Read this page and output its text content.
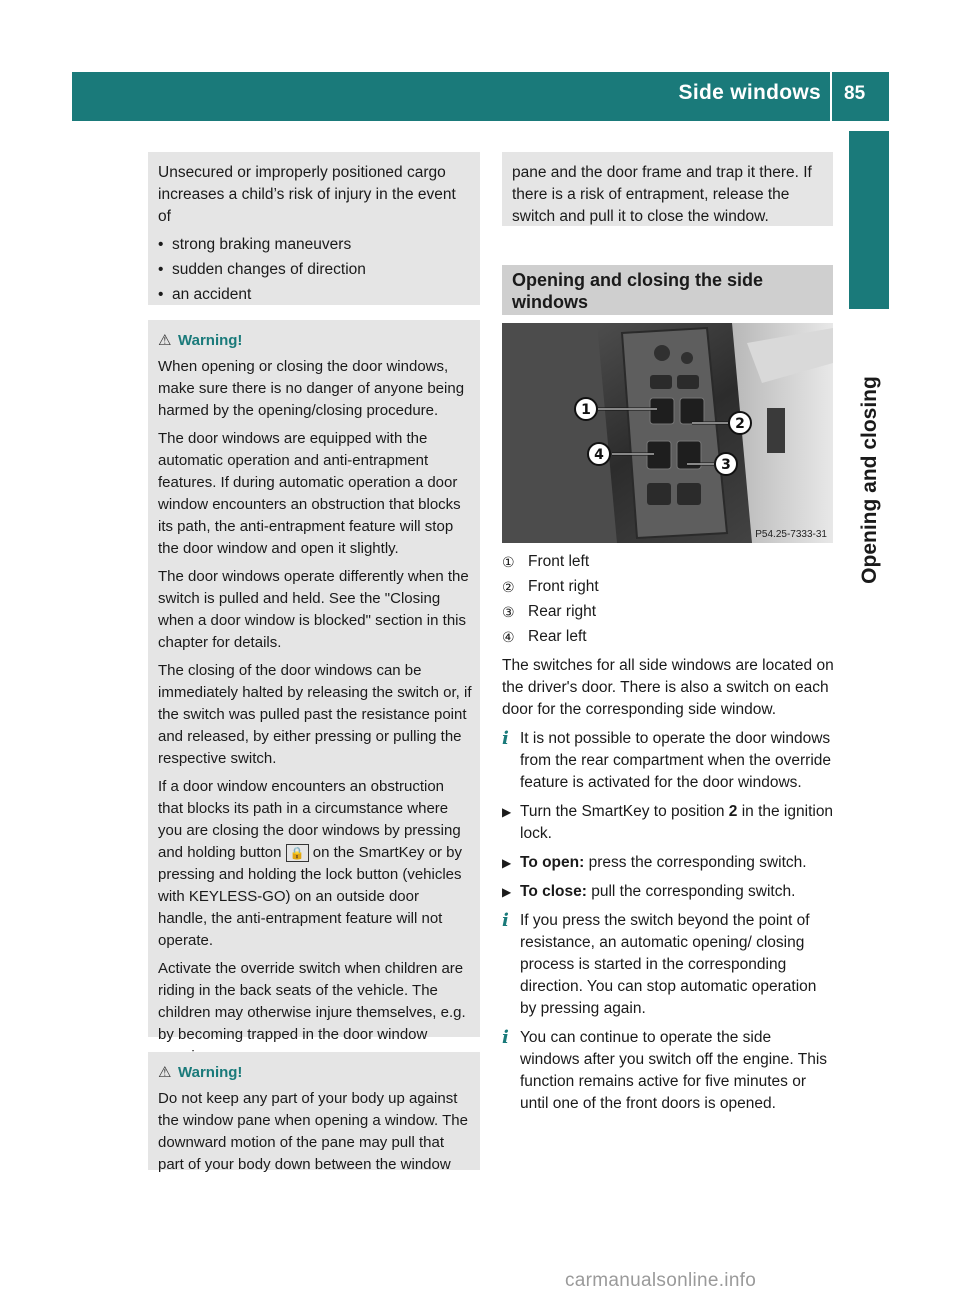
Side windows 85
Opening and closing

Unsecured or improperly positioned cargo increases a child’s risk of injury in the event of

• strong braking maneuvers
• sudden changes of direction
• an accident
⚠ Warning!

When opening or closing the door windows, make sure there is no danger of anyone being harmed by the opening/closing procedure.

The door windows are equipped with the automatic operation and anti-entrapment features. If during automatic operation a door window encounters an obstruction that blocks its path, the anti-entrapment feature will stop the door window and open it slightly.

The door windows operate differently when the switch is pulled and held. See the "Closing when a door window is blocked" section in this chapter for details.

The closing of the door windows can be immediately halted by releasing the switch or, if the switch was pulled past the resistance point and released, by either pressing or pulling the respective switch.

If a door window encounters an obstruction that blocks its path in a circumstance where you are closing the door windows by pressing and holding button 🔒 on the SmartKey or by pressing and holding the lock button (vehicles with KEYLESS-GO) on an outside door handle, the anti-entrapment feature will not operate.

Activate the override switch when children are riding in the back seats of the vehicle. The children may otherwise injure themselves, e.g. by becoming trapped in the door window

⚠ Warning!

Do not keep any part of your body up against the window pane when opening a window. The downward motion of the pane may pull that part of your body down between the window

pane and the door frame and trap it there. If there is a risk of entrapment, release the switch and pull it to close the window.

Opening and closing the side windows
1
2
3
4
P54.25-7333-31
① Front left
② Front right
③ Rear right
④ Rear left

The switches for all side windows are located on the driver's door. There is also a switch on each door for the corresponding side window.

i It is not possible to operate the door windows from the rear compartment when the override feature is activated for the door windows.
▶ Turn the SmartKey to position 2 in the ignition lock.
▶ To open: press the corresponding switch.
▶ To close: pull the corresponding switch.
i If you press the switch beyond the point of resistance, an automatic opening/ closing process is started in the corresponding direction. You can stop automatic operation by pressing again.
i You can continue to operate the side windows after you switch off the engine. This function remains active for five minutes or until one of the front doors is opened.
carmanualsonline.info
